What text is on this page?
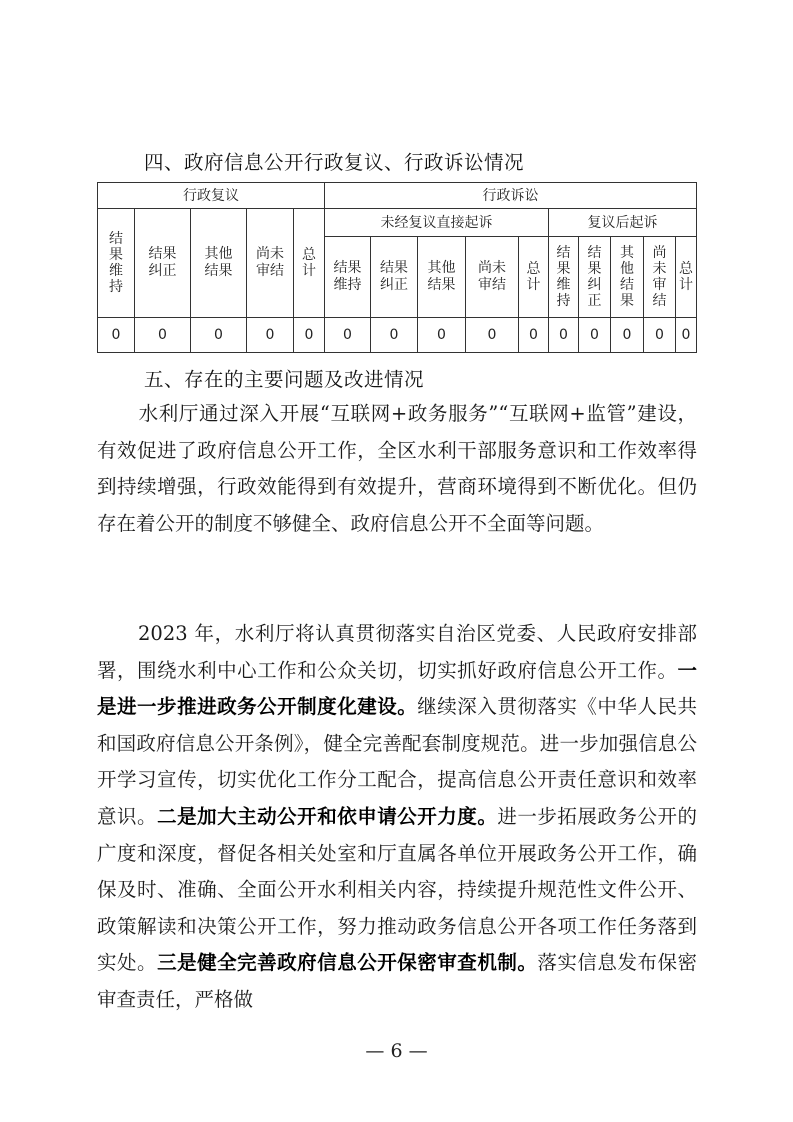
四、政府信息公开行政复议、行政诉讼情况
行政复议					行政诉讼									
结果维持	结果纠正	其他结果	尚未审结	总计	未经复议直接起诉					复议后起诉				
					结果维持	结果纠正	其他结果	尚未审结	总计	结果维持	结果纠正	其他结果	尚未审结	总计
0	0	0	0	0	0	0	0	0	0	0	0	0	0	0
五、存在的主要问题及改进情况
水利厅通过深入开展“互联网+政务服务”“互联网+监管”建设，有效促进了政府信息公开工作，全区水利干部服务意识和工作效率得到持续增强，行政效能得到有效提升，营商环境得到不断优化。但仍存在着公开的制度不够健全、政府信息公开不全面等问题。
2023 年，水利厅将认真贯彻落实自治区党委、人民政府安排部署，围绕水利中心工作和公众关切，切实抓好政府信息公开工作。一是进一步推进政务公开制度化建设。继续深入贯彻落实《中华人民共和国政府信息公开条例》，健全完善配套制度规范。进一步加强信息公开学习宣传，切实优化工作分工配合，提高信息公开责任意识和效率意识。二是加大主动公开和依申请公开力度。进一步拓展政务公开的广度和深度，督促各相关处室和厅直属各单位开展政务公开工作，确保及时、准确、全面公开水利相关内容，持续提升规范性文件公开、政策解读和决策公开工作，努力推动政务信息公开各项工作任务落到实处。三是健全完善政府信息公开保密审查机制。落实信息发布保密审查责任，严格做
— 6 —
